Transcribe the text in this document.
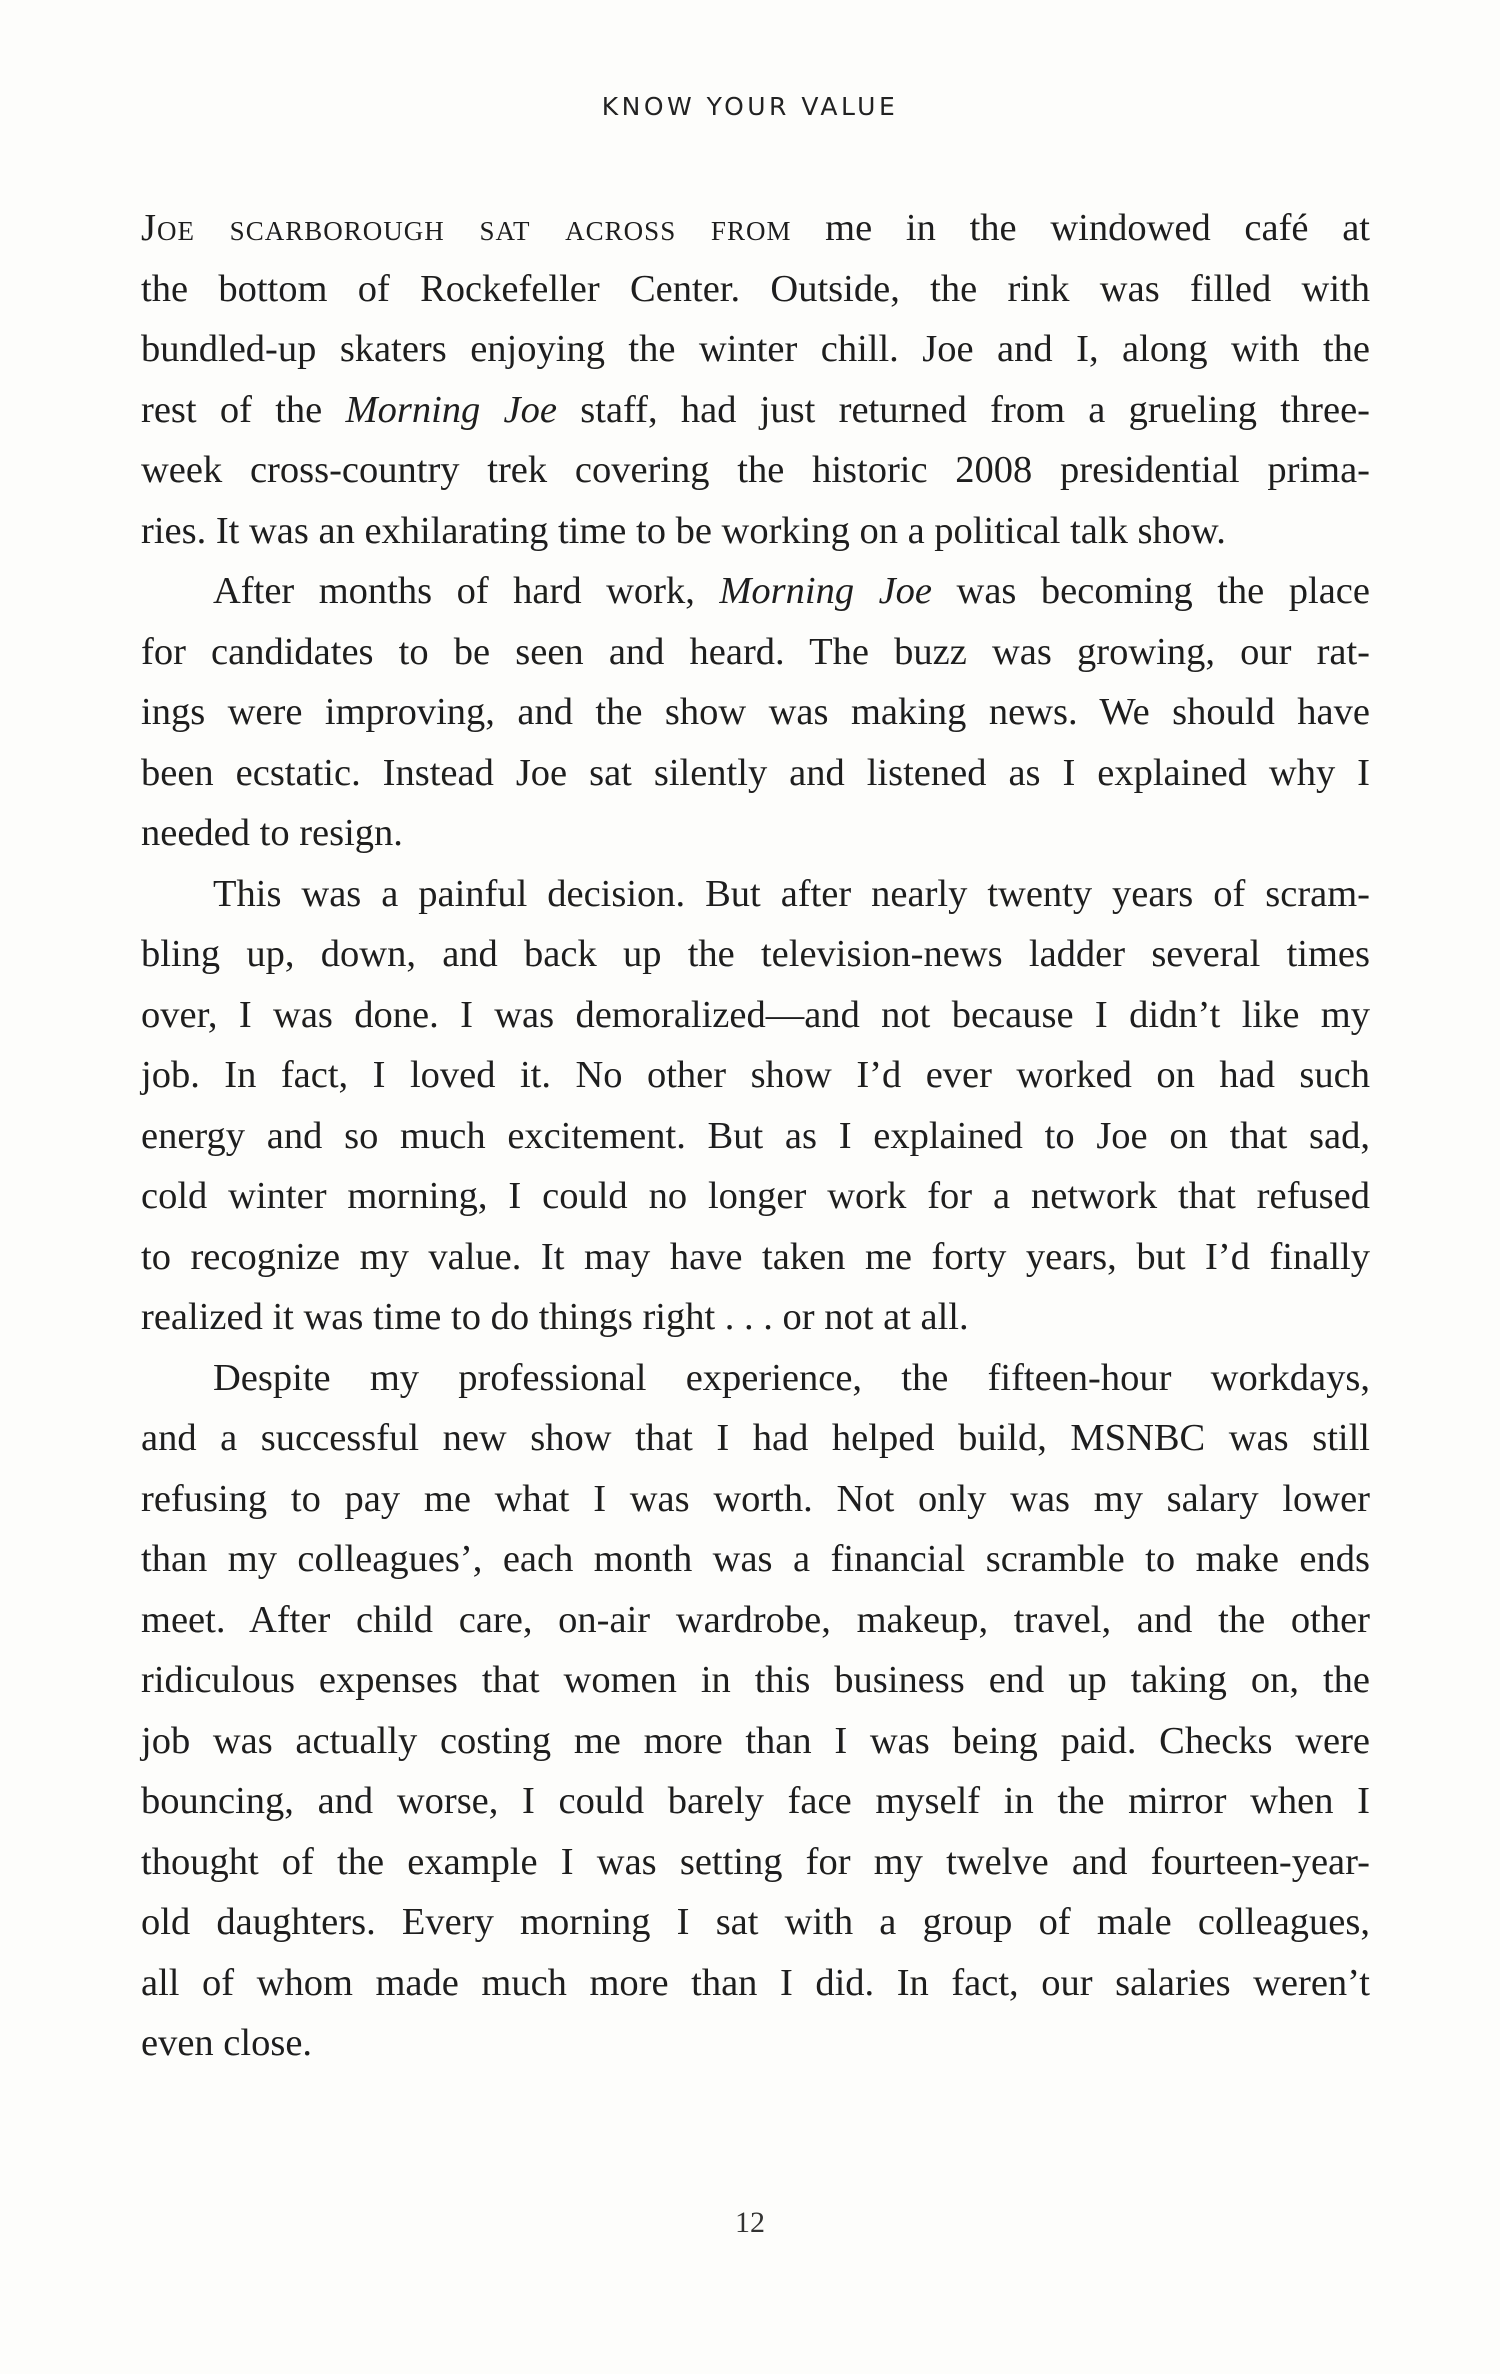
KNOW YOUR VALUE
Joe scarborough sat across from me in the windowed café at
the bottom of Rockefeller Center. Outside, the rink was filled with
bundled-up skaters enjoying the winter chill. Joe and I, along with the
rest of the Morning Joe staff, had just returned from a grueling three-
week cross-country trek covering the historic 2008 presidential prima-
ries. It was an exhilarating time to be working on a political talk show.
After months of hard work, Morning Joe was becoming the place
for candidates to be seen and heard. The buzz was growing, our rat-
ings were improving, and the show was making news. We should have
been ecstatic. Instead Joe sat silently and listened as I explained why I
needed to resign.
This was a painful decision. But after nearly twenty years of scram-
bling up, down, and back up the television-news ladder several times
over, I was done. I was demoralized—and not because I didn’t like my
job. In fact, I loved it. No other show I’d ever worked on had such
energy and so much excitement. But as I explained to Joe on that sad,
cold winter morning, I could no longer work for a network that refused
to recognize my value. It may have taken me forty years, but I’d finally
realized it was time to do things right . . . or not at all.
Despite my professional experience, the fifteen-hour workdays,
and a successful new show that I had helped build, MSNBC was still
refusing to pay me what I was worth. Not only was my salary lower
than my colleagues’, each month was a financial scramble to make ends
meet. After child care, on-air wardrobe, makeup, travel, and the other
ridiculous expenses that women in this business end up taking on, the
job was actually costing me more than I was being paid. Checks were
bouncing, and worse, I could barely face myself in the mirror when I
thought of the example I was setting for my twelve and fourteen-year-
old daughters. Every morning I sat with a group of male colleagues,
all of whom made much more than I did. In fact, our salaries weren’t
even close.
12
